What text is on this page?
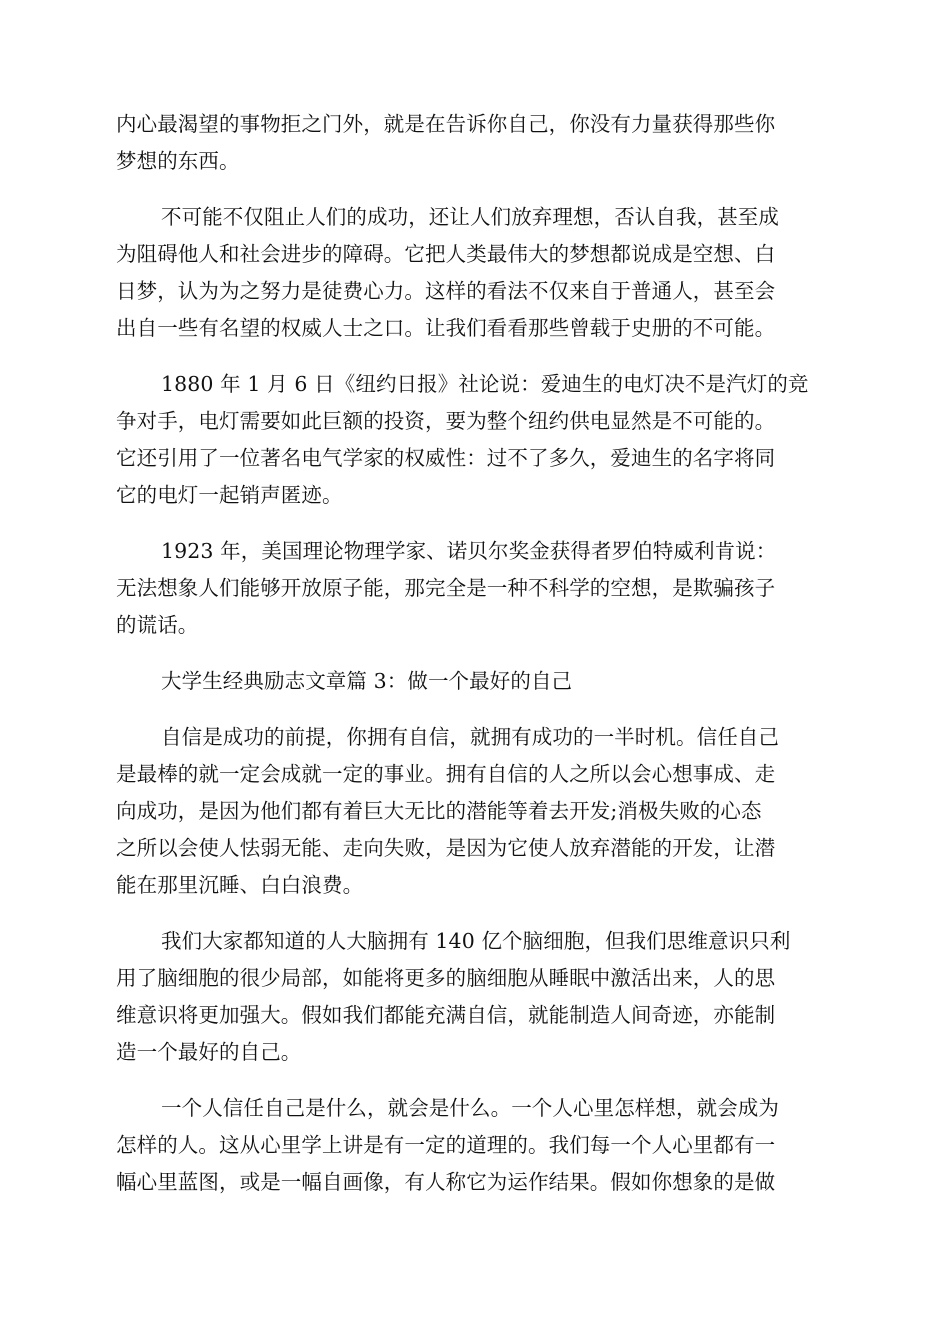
内心最渴望的事物拒之门外，就是在告诉你自己，你没有力量获得那些你
梦想的东西。

不可能不仅阻止人们的成功，还让人们放弃理想，否认自我，甚至成
为阻碍他人和社会进步的障碍。它把人类最伟大的梦想都说成是空想、白
日梦，认为为之努力是徒费心力。这样的看法不仅来自于普通人，甚至会
出自一些有名望的权威人士之口。让我们看看那些曾载于史册的不可能。

1880 年 1 月 6 日《纽约日报》社论说：爱迪生的电灯决不是汽灯的竞
争对手，电灯需要如此巨额的投资，要为整个纽约供电显然是不可能的。
它还引用了一位著名电气学家的权威性：过不了多久，爱迪生的名字将同
它的电灯一起销声匿迹。

1923 年，美国理论物理学家、诺贝尔奖金获得者罗伯特威利肯说：
无法想象人们能够开放原子能，那完全是一种不科学的空想，是欺骗孩子
的谎话。

大学生经典励志文章篇 3：做一个最好的自己

自信是成功的前提，你拥有自信，就拥有成功的一半时机。信任自己
是最棒的就一定会成就一定的事业。拥有自信的人之所以会心想事成、走
向成功，是因为他们都有着巨大无比的潜能等着去开发;消极失败的心态
之所以会使人怯弱无能、走向失败，是因为它使人放弃潜能的开发，让潜
能在那里沉睡、白白浪费。

我们大家都知道的人大脑拥有 140 亿个脑细胞，但我们思维意识只利
用了脑细胞的很少局部，如能将更多的脑细胞从睡眠中激活出来，人的思
维意识将更加强大。假如我们都能充满自信，就能制造人间奇迹，亦能制
造一个最好的自己。

一个人信任自己是什么，就会是什么。一个人心里怎样想，就会成为
怎样的人。这从心里学上讲是有一定的道理的。我们每一个人心里都有一
幅心里蓝图，或是一幅自画像，有人称它为运作结果。假如你想象的是做
